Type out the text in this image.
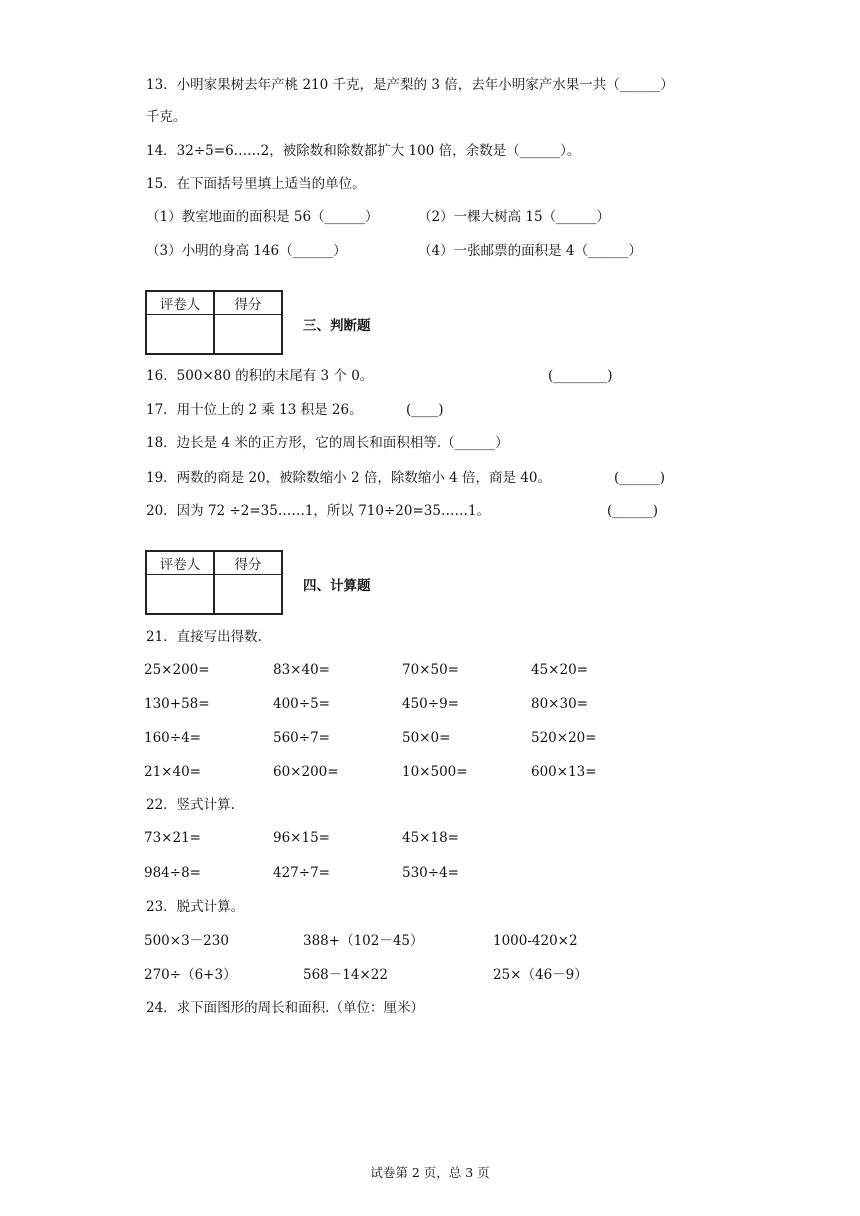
13．小明家果树去年产桃 210 千克，是产梨的 3 倍，去年小明家产水果一共（______）
千克。
14．32÷5=6……2，被除数和除数都扩大 100 倍，余数是（______）。
15．在下面括号里填上适当的单位。
（1）教室地面的面积是 56（______）	（2）一棵大树高 15（______）
（3）小明的身高 146（______）	（4）一张邮票的面积是 4（______）
评卷人	得分

三、判断题
16．500×80 的积的末尾有 3 个 0。	(________)
17．用十位上的 2 乘 13 积是 26。	(____)
18．边长是 4 米的正方形，它的周长和面积相等.（______）
19．两数的商是 20，被除数缩小 2 倍，除数缩小 4 倍，商是 40。	(______)
20．因为 72 ÷2=35……1，所以 710÷20=35……1。	(______)
评卷人	得分

四、计算题
21．直接写出得数.
25×200=	83×40=	70×50=	45×20=
130+58=	400÷5=	450÷9=	80×30=
160÷4=	560÷7=	50×0=	520×20=
21×40=	60×200=	10×500=	600×13=
22．竖式计算.
73×21=	96×15=	45×18=
984÷8=	427÷7=	530÷4=
23．脱式计算。
500×3－230	388+（102－45）	1000-420×2
270÷（6+3）	568－14×22	25×（46－9）
24．求下面图形的周长和面积.（单位：厘米）
试卷第 2 页，总 3 页
